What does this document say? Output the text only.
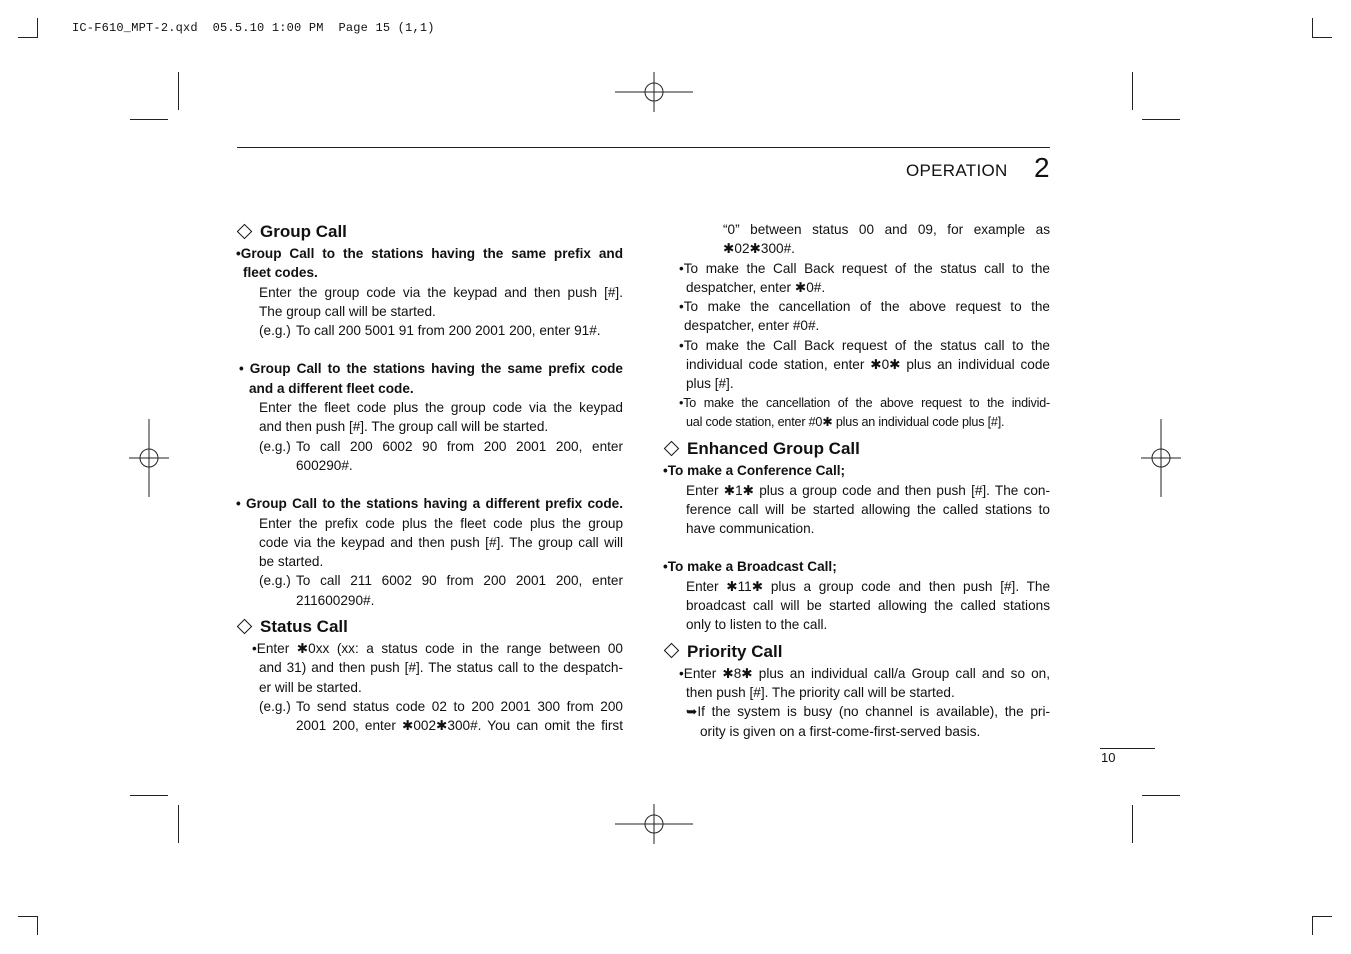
IC-F610_MPT-2.qxd  05.5.10 1:00 PM  Page 15 (1,1)
OPERATION 2
10
Group Call

•Group Call to the stations having the same prefix and

fleet codes.

Enter the group code via the keypad and then push [#].

The group call will be started.

(e.g.) To call 200 5001 91 from 200 2001 200, enter 91#.

• Group Call to the stations having the same prefix code

and a different fleet code.

Enter the fleet code plus the group code via the keypad

and then push [#]. The group call will be started.

(e.g.) To call 200 6002 90 from 200 2001 200, enter

600290#.

• Group Call to the stations having a different prefix code.

Enter the prefix code plus the fleet code plus the group

code via the keypad and then push [#]. The group call will

be started.

(e.g.) To call 211 6002 90 from 200 2001 200, enter

211600290#.

Status Call

•Enter ✱0xx (xx: a status code in the range between 00

and 31) and then push [#]. The status call to the despatch-

er will be started.

(e.g.) To send status code 02 to 200 2001 300 from 200

2001 200, enter ✱002✱300#. You can omit the first

“0” between status 00 and 09, for example as

✱02✱300#.

•To make the Call Back request of the status call to the

despatcher, enter ✱0#.

•To make the cancellation of the above request to the

despatcher, enter #0#.

•To make the Call Back request of the status call to the

individual code station, enter ✱0✱ plus an individual code

plus [#].

•To make the cancellation of the above request to the individ-

ual code station, enter #0✱ plus an individual code plus [#].

Enhanced Group Call

•To make a Conference Call;

Enter ✱1✱ plus a group code and then push [#]. The con-

ference call will be started allowing the called stations to

have communication.

•To make a Broadcast Call;

Enter ✱11✱ plus a group code and then push [#]. The

broadcast call will be started allowing the called stations

only to listen to the call.

Priority Call

•Enter ✱8✱ plus an individual call/a Group call and so on,

then push [#]. The priority call will be started.

➥If the system is busy (no channel is available), the pri-

ority is given on a first-come-first-served basis.
